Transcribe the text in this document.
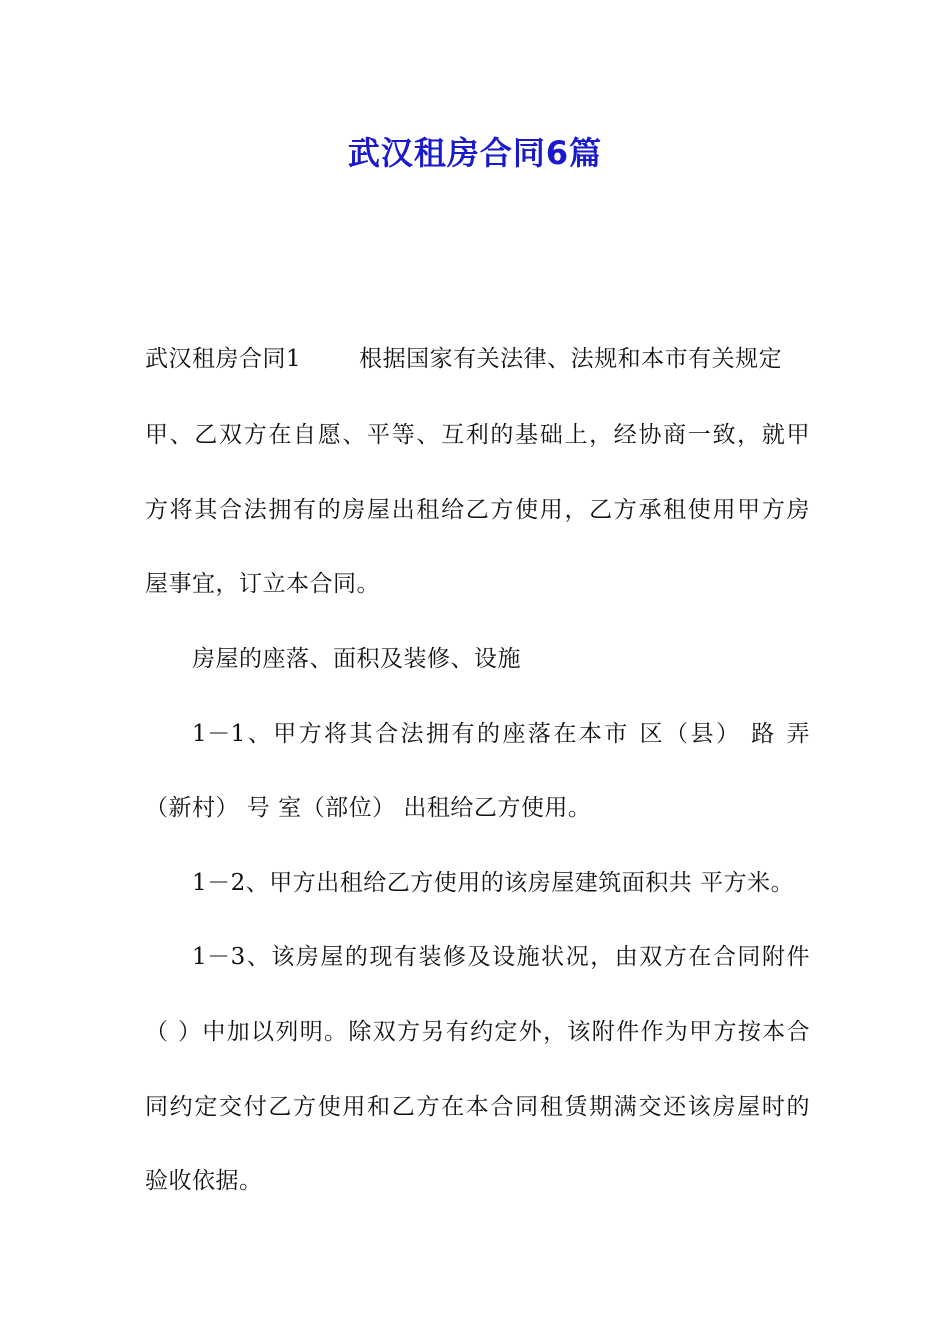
武汉租房合同6篇
武汉租房合同1	根据国家有关法律、法规和本市有关规定
甲、乙双方在自愿、平等、互利的基础上，经协商一致，就甲
方将其合法拥有的房屋出租给乙方使用，乙方承租使用甲方房
屋事宜，订立本合同。
房屋的座落、面积及装修、设施
1－1、甲方将其合法拥有的座落在本市 区（县） 路 弄
（新村） 号 室（部位） 出租给乙方使用。
1－2、甲方出租给乙方使用的该房屋建筑面积共 平方米。
1－3、该房屋的现有装修及设施状况，由双方在合同附件
（ ）中加以列明。除双方另有约定外，该附件作为甲方按本合
同约定交付乙方使用和乙方在本合同租赁期满交还该房屋时的
验收依据。
